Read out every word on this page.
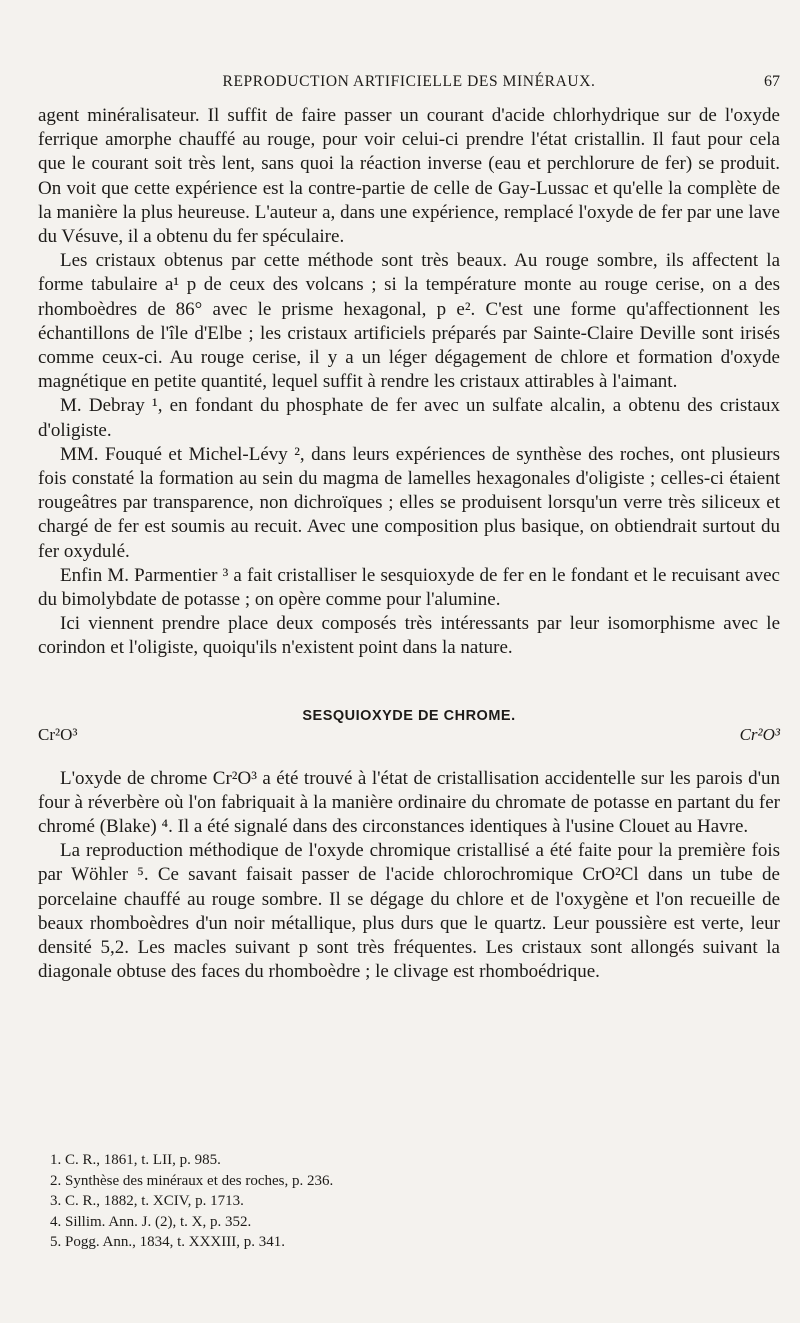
REPRODUCTION ARTIFICIELLE DES MINÉRAUX.	67

agent minéralisateur. Il suffit de faire passer un courant d'acide chlorhydrique sur de l'oxyde ferrique amorphe chauffé au rouge, pour voir celui-ci prendre l'état cristallin. Il faut pour cela que le courant soit très lent, sans quoi la réaction inverse (eau et perchlorure de fer) se produit. On voit que cette expérience est la contre-partie de celle de Gay-Lussac et qu'elle la complète de la manière la plus heureuse. L'auteur a, dans une expérience, remplacé l'oxyde de fer par une lave du Vésuve, il a obtenu du fer spéculaire.

Les cristaux obtenus par cette méthode sont très beaux. Au rouge sombre, ils affectent la forme tabulaire a¹ p de ceux des volcans ; si la température monte au rouge cerise, on a des rhomboèdres de 86° avec le prisme hexagonal, p e². C'est une forme qu'affectionnent les échantillons de l'île d'Elbe ; les cristaux artificiels préparés par Sainte-Claire Deville sont irisés comme ceux-ci. Au rouge cerise, il y a un léger dégagement de chlore et formation d'oxyde magnétique en petite quantité, lequel suffit à rendre les cristaux attirables à l'aimant.

M. Debray ¹, en fondant du phosphate de fer avec un sulfate alcalin, a obtenu des cristaux d'oligiste.

MM. Fouqué et Michel-Lévy ², dans leurs expériences de synthèse des roches, ont plusieurs fois constaté la formation au sein du magma de lamelles hexagonales d'oligiste ; celles-ci étaient rougeâtres par transparence, non dichroïques ; elles se produisent lorsqu'un verre très siliceux et chargé de fer est soumis au recuit. Avec une composition plus basique, on obtiendrait surtout du fer oxydulé.

Enfin M. Parmentier ³ a fait cristalliser le sesquioxyde de fer en le fondant et le recuisant avec du bimolybdate de potasse ; on opère comme pour l'alumine.

Ici viennent prendre place deux composés très intéressants par leur isomorphisme avec le corindon et l'oligiste, quoiqu'ils n'existent point dans la nature.

SESQUIOXYDE DE CHROME.
Cr²O³	Cr²O³

L'oxyde de chrome Cr²O³ a été trouvé à l'état de cristallisation accidentelle sur les parois d'un four à réverbère où l'on fabriquait à la manière ordinaire du chromate de potasse en partant du fer chromé (Blake) ⁴. Il a été signalé dans des circonstances identiques à l'usine Clouet au Havre.

La reproduction méthodique de l'oxyde chromique cristallisé a été faite pour la première fois par Wöhler ⁵. Ce savant faisait passer de l'acide chlorochromique CrO²Cl dans un tube de porcelaine chauffé au rouge sombre. Il se dégage du chlore et de l'oxygène et l'on recueille de beaux rhomboèdres d'un noir métallique, plus durs que le quartz. Leur poussière est verte, leur densité 5,2. Les macles suivant p sont très fréquentes. Les cristaux sont allongés suivant la diagonale obtuse des faces du rhomboèdre ; le clivage est rhomboédrique.

1. C. R., 1861, t. LII, p. 985.
2. Synthèse des minéraux et des roches, p. 236.
3. C. R., 1882, t. XCIV, p. 1713.
4. Sillim. Ann. J. (2), t. X, p. 352.
5. Pogg. Ann., 1834, t. XXXIII, p. 341.
